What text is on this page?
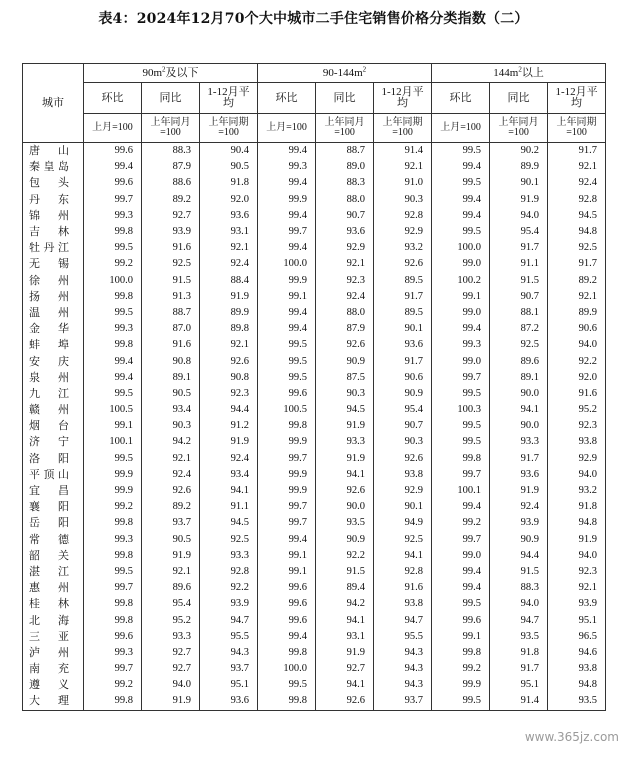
表4：2024年12月70个大中城市二手住宅销售价格分类指数（二）
城市	$90m^2$及以下			$90-144m^2$			$144m^2$以上		
	环比	同比	1-12月平均	环比	同比	1-12月平均	环比	同比	1-12月平均
	上月=100	上年同月=100	上年同期=100	上月=100	上年同月=100	上年同期=100	上月=100	上年同月=100	上年同期=100
唐山	99.6	88.3	90.4	99.4	88.7	91.4	99.5	90.2	91.7
秦皇岛	99.4	87.9	90.5	99.3	89.0	92.1	99.4	89.9	92.1
包头	99.6	88.6	91.8	99.4	88.3	91.0	99.5	90.1	92.4
丹东	99.7	89.2	92.0	99.9	88.0	90.3	99.4	91.9	92.8
锦州	99.3	92.7	93.6	99.4	90.7	92.8	99.4	94.0	94.5
吉林	99.8	93.9	93.1	99.7	93.6	92.9	99.5	95.4	94.8
牡丹江	99.5	91.6	92.1	99.4	92.9	93.2	100.0	91.7	92.5
无锡	99.2	92.5	92.4	100.0	92.1	92.6	99.0	91.1	91.7
徐州	100.0	91.5	88.4	99.9	92.3	89.5	100.2	91.5	89.2
扬州	99.8	91.3	91.9	99.1	92.4	91.7	99.1	90.7	92.1
温州	99.5	88.7	89.9	99.4	88.0	89.5	99.0	88.1	89.9
金华	99.3	87.0	89.8	99.4	87.9	90.1	99.4	87.2	90.6
蚌埠	99.8	91.6	92.1	99.5	92.6	93.6	99.3	92.5	94.0
安庆	99.4	90.8	92.6	99.5	90.9	91.7	99.0	89.6	92.2
泉州	99.4	89.1	90.8	99.5	87.5	90.6	99.7	89.1	92.0
九江	99.5	90.5	92.3	99.6	90.3	90.9	99.5	90.0	91.6
赣州	100.5	93.4	94.4	100.5	94.5	95.4	100.3	94.1	95.2
烟台	99.1	90.3	91.2	99.8	91.9	90.7	99.5	90.0	92.3
济宁	100.1	94.2	91.9	99.9	93.3	90.3	99.5	93.3	93.8
洛阳	99.5	92.1	92.4	99.7	91.9	92.6	99.8	91.7	92.9
平顶山	99.9	92.4	93.4	99.9	94.1	93.8	99.7	93.6	94.0
宜昌	99.9	92.6	94.1	99.9	92.6	92.9	100.1	91.9	93.2
襄阳	99.2	89.2	91.1	99.7	90.0	90.1	99.4	92.4	91.8
岳阳	99.8	93.7	94.5	99.7	93.5	94.9	99.2	93.9	94.8
常德	99.3	90.5	92.5	99.4	90.9	92.5	99.7	90.9	91.9
韶关	99.8	91.9	93.3	99.1	92.2	94.1	99.0	94.4	94.0
湛江	99.5	92.1	92.8	99.1	91.5	92.8	99.4	91.5	92.3
惠州	99.7	89.6	92.2	99.6	89.4	91.6	99.4	88.3	92.1
桂林	99.8	95.4	93.9	99.6	94.2	93.8	99.5	94.0	93.9
北海	99.8	95.2	94.7	99.6	94.1	94.7	99.6	94.7	95.1
三亚	99.6	93.3	95.5	99.4	93.1	95.5	99.1	93.5	96.5
泸州	99.3	92.7	94.3	99.8	91.9	94.3	99.8	91.8	94.6
南充	99.7	92.7	93.7	100.0	92.7	94.3	99.2	91.7	93.8
遵义	99.2	94.0	95.1	99.5	94.1	94.3	99.9	95.1	94.8
大理	99.8	91.9	93.6	99.8	92.6	93.7	99.5	91.4	93.5
www.365jz.com
